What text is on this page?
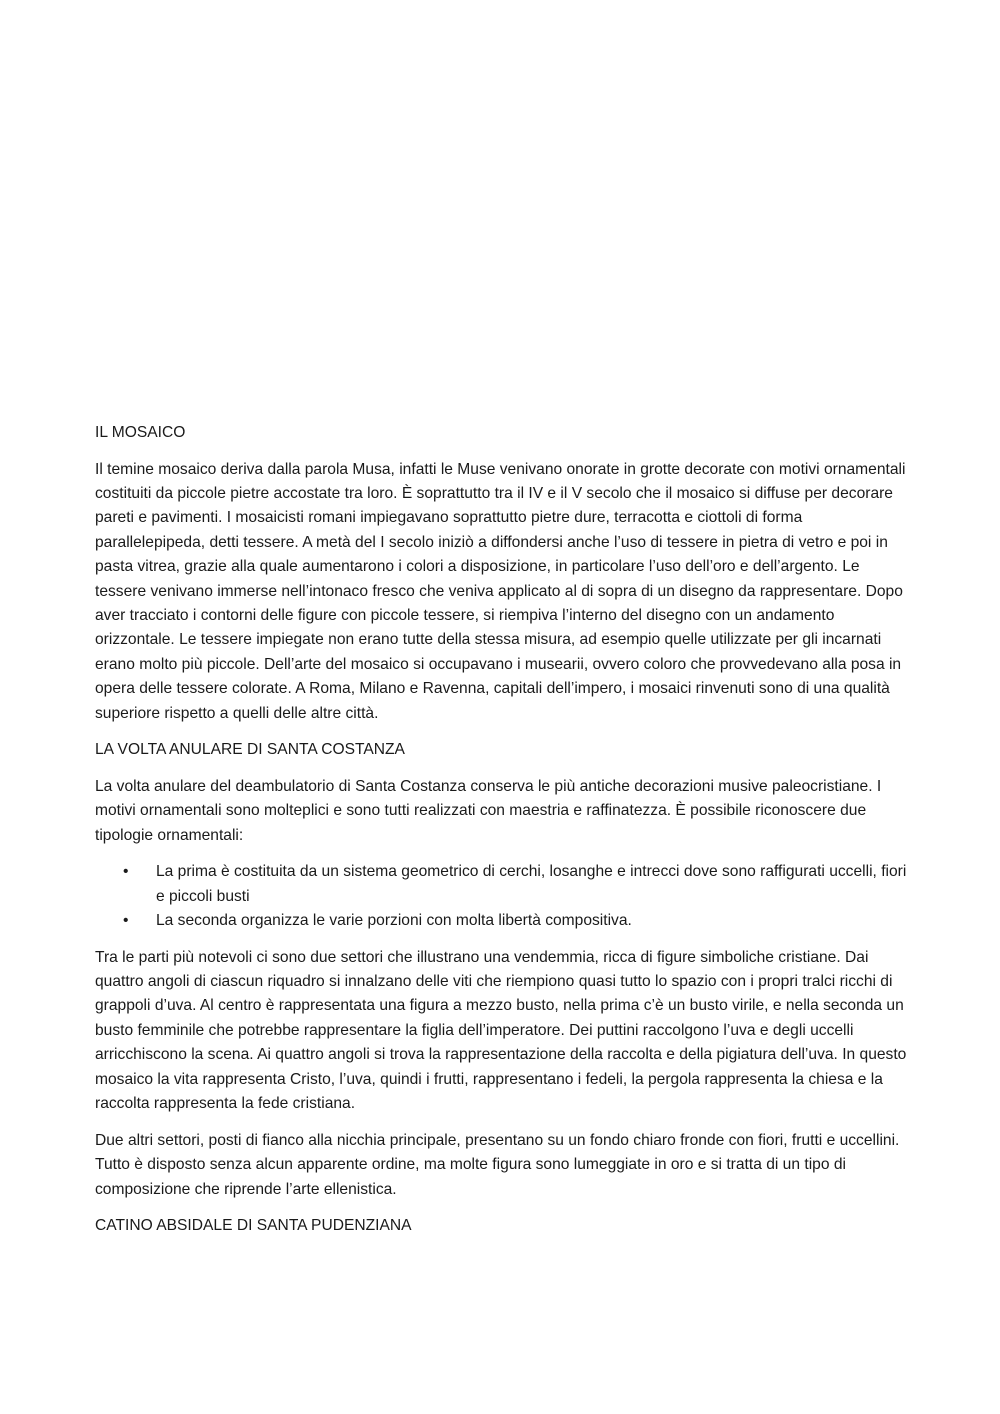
IL MOSAICO

Il temine mosaico deriva dalla parola Musa, infatti le Muse venivano onorate in grotte decorate con motivi ornamentali costituiti da piccole pietre accostate tra loro. È soprattutto tra il IV e il V secolo che il mosaico si diffuse per decorare pareti e pavimenti. I mosaicisti romani impiegavano soprattutto pietre dure, terracotta e ciottoli di forma parallelepipeda, detti tessere. A metà del I secolo iniziò a diffondersi anche l’uso di tessere in pietra di vetro e poi in pasta vitrea, grazie alla quale aumentarono i colori a disposizione, in particolare l’uso dell’oro e dell’argento. Le tessere venivano immerse nell’intonaco fresco che veniva applicato al di sopra di un disegno da rappresentare. Dopo aver tracciato i contorni delle figure con piccole tessere, si riempiva l’interno del disegno con un andamento orizzontale. Le tessere impiegate non erano tutte della stessa misura, ad esempio quelle utilizzate per gli incarnati erano molto più piccole. Dell’arte del mosaico si occupavano i musearii, ovvero coloro che provvedevano alla posa in opera delle tessere colorate. A Roma, Milano e Ravenna, capitali dell’impero, i mosaici rinvenuti sono di una qualità superiore rispetto a quelli delle altre città.

LA VOLTA ANULARE DI SANTA COSTANZA

La volta anulare del deambulatorio di Santa Costanza conserva le più antiche decorazioni musive paleocristiane. I motivi ornamentali sono molteplici e sono tutti realizzati con maestria e raffinatezza. È possibile riconoscere due tipologie ornamentali:

• La prima è costituita da un sistema geometrico di cerchi, losanghe e intrecci dove sono raffigurati uccelli, fiori e piccoli busti
• La seconda organizza le varie porzioni con molta libertà compositiva.

Tra le parti più notevoli ci sono due settori che illustrano una vendemmia, ricca di figure simboliche cristiane. Dai quattro angoli di ciascun riquadro si innalzano delle viti che riempiono quasi tutto lo spazio con i propri tralci ricchi di grappoli d’uva. Al centro è rappresentata una figura a mezzo busto, nella prima c’è un busto virile, e nella seconda un busto femminile che potrebbe rappresentare la figlia dell’imperatore. Dei puttini raccolgono l’uva e degli uccelli arricchiscono la scena. Ai quattro angoli si trova la rappresentazione della raccolta e della pigiatura dell’uva. In questo mosaico la vita rappresenta Cristo, l’uva, quindi i frutti, rappresentano i fedeli, la pergola rappresenta la chiesa e la raccolta rappresenta la fede cristiana.

Due altri settori, posti di fianco alla nicchia principale, presentano su un fondo chiaro fronde con fiori, frutti e uccellini. Tutto è disposto senza alcun apparente ordine, ma molte figura sono lumeggiate in oro e si tratta di un tipo di composizione che riprende l’arte ellenistica.

CATINO ABSIDALE DI SANTA PUDENZIANA
